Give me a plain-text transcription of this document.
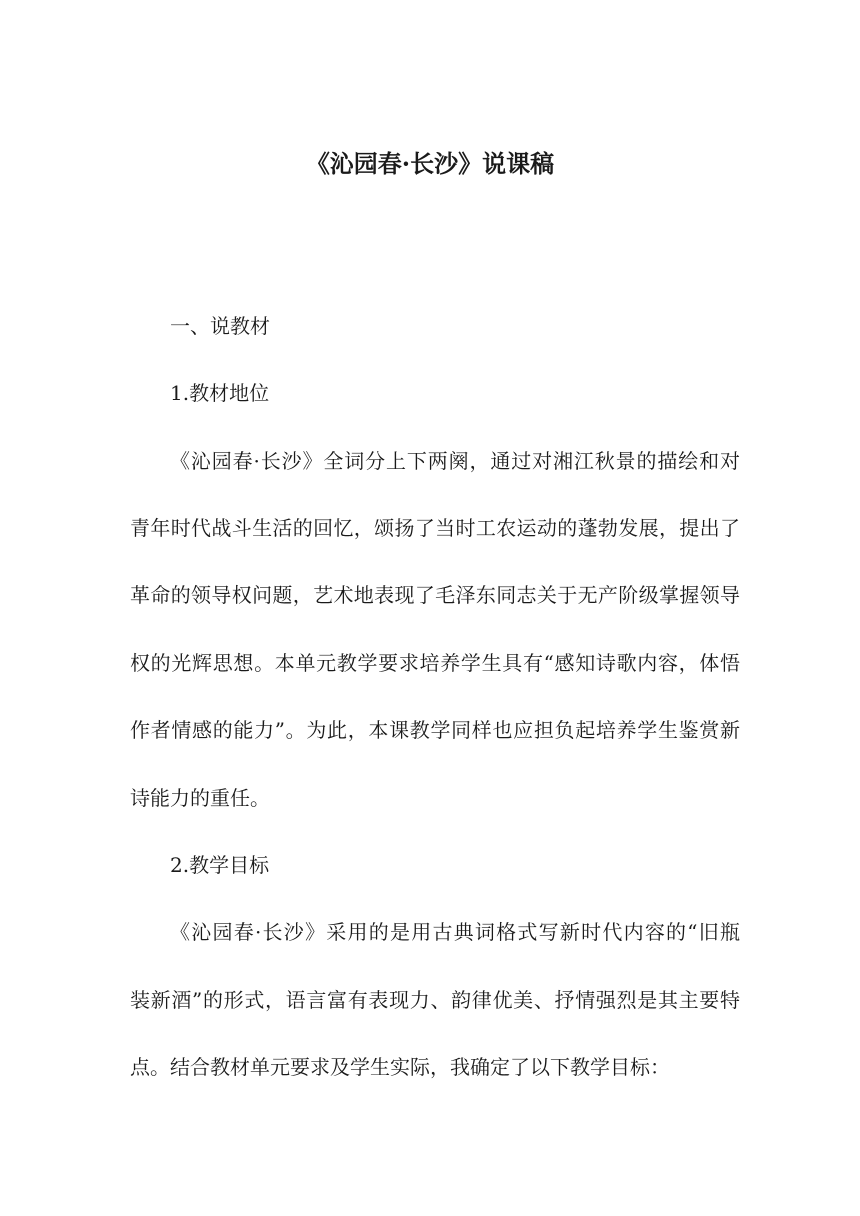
《沁园春·长沙》说课稿
一、说教材
1.教材地位
《沁园春·长沙》全词分上下两阕，通过对湘江秋景的描绘和对
青年时代战斗生活的回忆，颂扬了当时工农运动的蓬勃发展，提出了
革命的领导权问题，艺术地表现了毛泽东同志关于无产阶级掌握领导
权的光辉思想。本单元教学要求培养学生具有“感知诗歌内容，体悟
作者情感的能力”。为此，本课教学同样也应担负起培养学生鉴赏新
诗能力的重任。
2.教学目标
《沁园春·长沙》采用的是用古典词格式写新时代内容的“旧瓶
装新酒”的形式，语言富有表现力、韵律优美、抒情强烈是其主要特
点。结合教材单元要求及学生实际，我确定了以下教学目标：
